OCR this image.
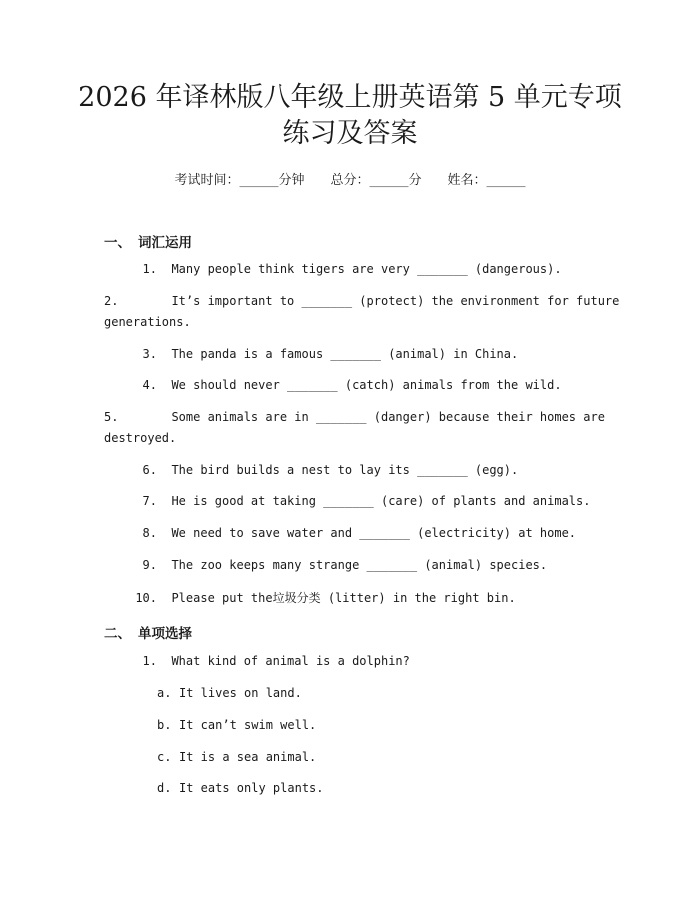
2026 年译林版八年级上册英语第 5 单元专项
练习及答案
考试时间：______分钟 总分：______分 姓名：______
一、 词汇运用
1. Many people think tigers are very _______ (dangerous).
2.	It’s important to _______ (protect) the environment for future
generations.
3. The panda is a famous _______ (animal) in China.
4. We should never _______ (catch) animals from the wild.
5.	Some animals are in _______ (danger) because their homes are
destroyed.
6. The bird builds a nest to lay its _______ (egg).
7. He is good at taking _______ (care) of plants and animals.
8. We need to save water and _______ (electricity) at home.
9. The zoo keeps many strange _______ (animal) species.
10. Please put the垃圾分类 (litter) in the right bin.
二、 单项选择
1. What kind of animal is a dolphin?
a. It lives on land.
b. It can’t swim well.
c. It is a sea animal.
d. It eats only plants.
